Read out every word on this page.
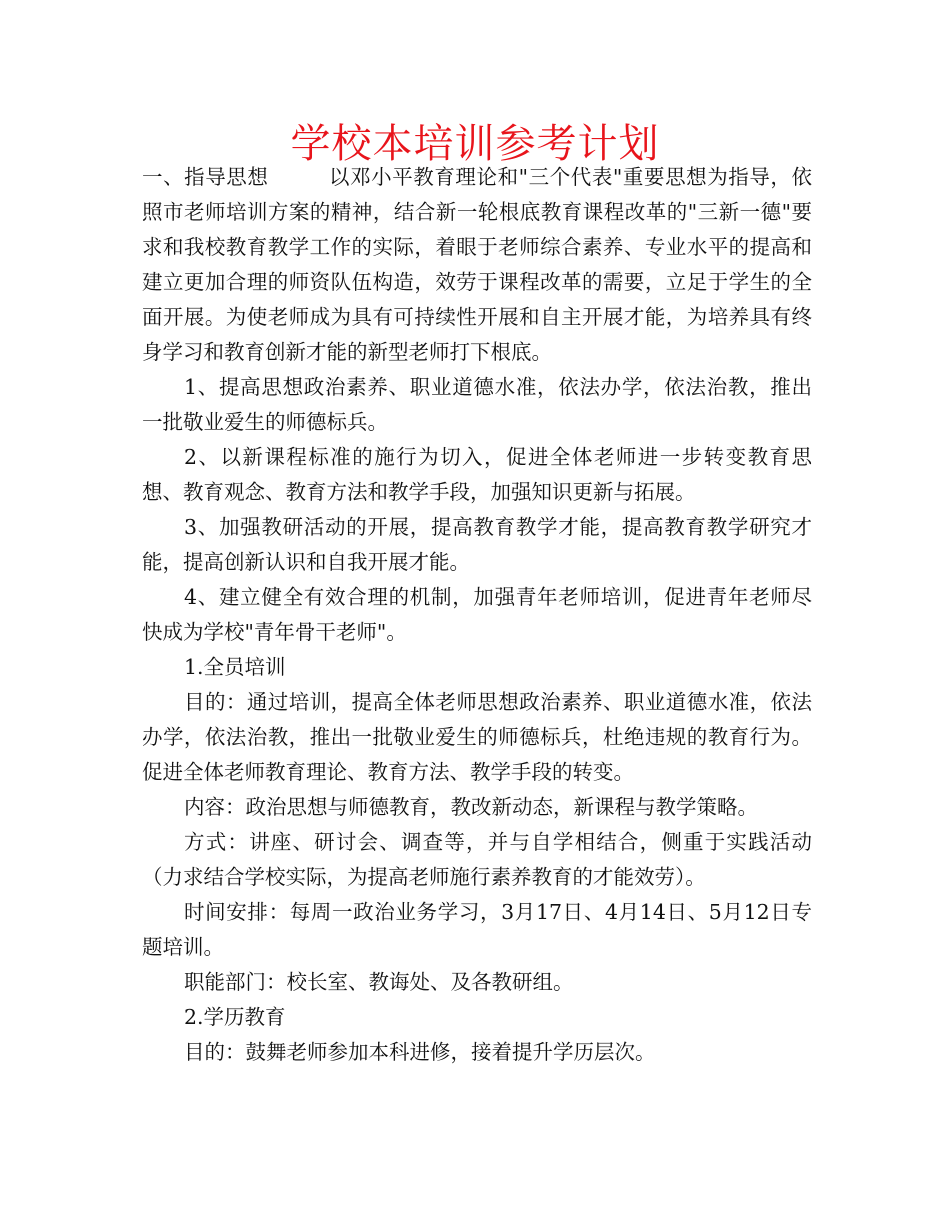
学校本培训参考计划

一、指导思想	以邓小平教育理论和"三个代表"重要思想为指导，依照市老师培训方案的精神，结合新一轮根底教育课程改革的"三新一德"要求和我校教育教学工作的实际，着眼于老师综合素养、专业水平的提高和建立更加合理的师资队伍构造，效劳于课程改革的需要，立足于学生的全面开展。为使老师成为具有可持续性开展和自主开展才能，为培养具有终身学习和教育创新才能的新型老师打下根底。

1、提高思想政治素养、职业道德水准，依法办学，依法治教，推出一批敬业爱生的师德标兵。

2、以新课程标准的施行为切入，促进全体老师进一步转变教育思想、教育观念、教育方法和教学手段，加强知识更新与拓展。

3、加强教研活动的开展，提高教育教学才能，提高教育教学研究才能，提高创新认识和自我开展才能。

4、建立健全有效合理的机制，加强青年老师培训，促进青年老师尽快成为学校"青年骨干老师"。

1.全员培训

目的：通过培训，提高全体老师思想政治素养、职业道德水准，依法办学，依法治教，推出一批敬业爱生的师德标兵，杜绝违规的教育行为。促进全体老师教育理论、教育方法、教学手段的转变。

内容：政治思想与师德教育，教改新动态，新课程与教学策略。

方式：讲座、研讨会、调查等，并与自学相结合，侧重于实践活动（力求结合学校实际，为提高老师施行素养教育的才能效劳）。

时间安排：每周一政治业务学习，3月17日、4月14日、5月12日专题培训。

职能部门：校长室、教诲处、及各教研组。

2.学历教育

目的：鼓舞老师参加本科进修，接着提升学历层次。
